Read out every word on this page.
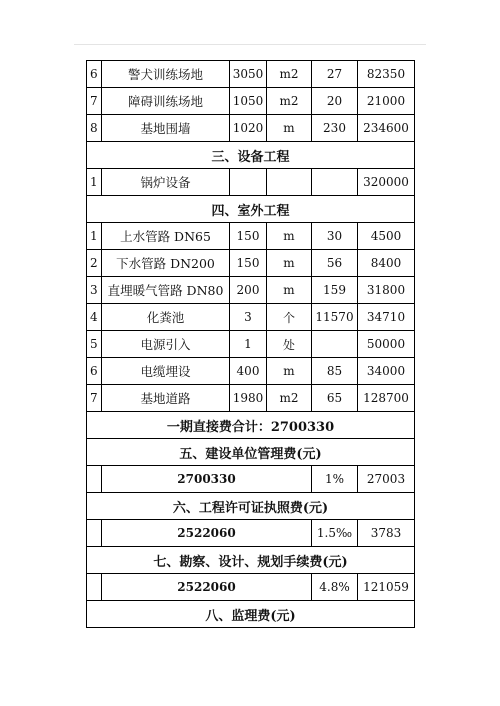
6	警犬训练场地	3050	m2	27	82350
7	障碍训练场地	1050	m2	20	21000
8	基地围墙	1020	m	230	234600
三、设备工程					
1	锅炉设备				320000
四、室外工程					
1	上水管路 DN65	150	m	30	4500
2	下水管路 DN200	150	m	56	8400
3	直埋暖气管路 DN80	200	m	159	31800
4	化粪池	3	个	11570	34710
5	电源引入	1	处		50000
6	电缆埋设	400	m	85	34000
7	基地道路	1980	m2	65	128700
一期直接费合计：2700330					
五、建设单位管理费(元)					
	2700330			1%	27003
六、工程许可证执照费(元)					
	2522060			1.5‰	3783
七、勘察、设计、规划手续费(元)					
	2522060			4.8%	121059
八、监理费(元)					
